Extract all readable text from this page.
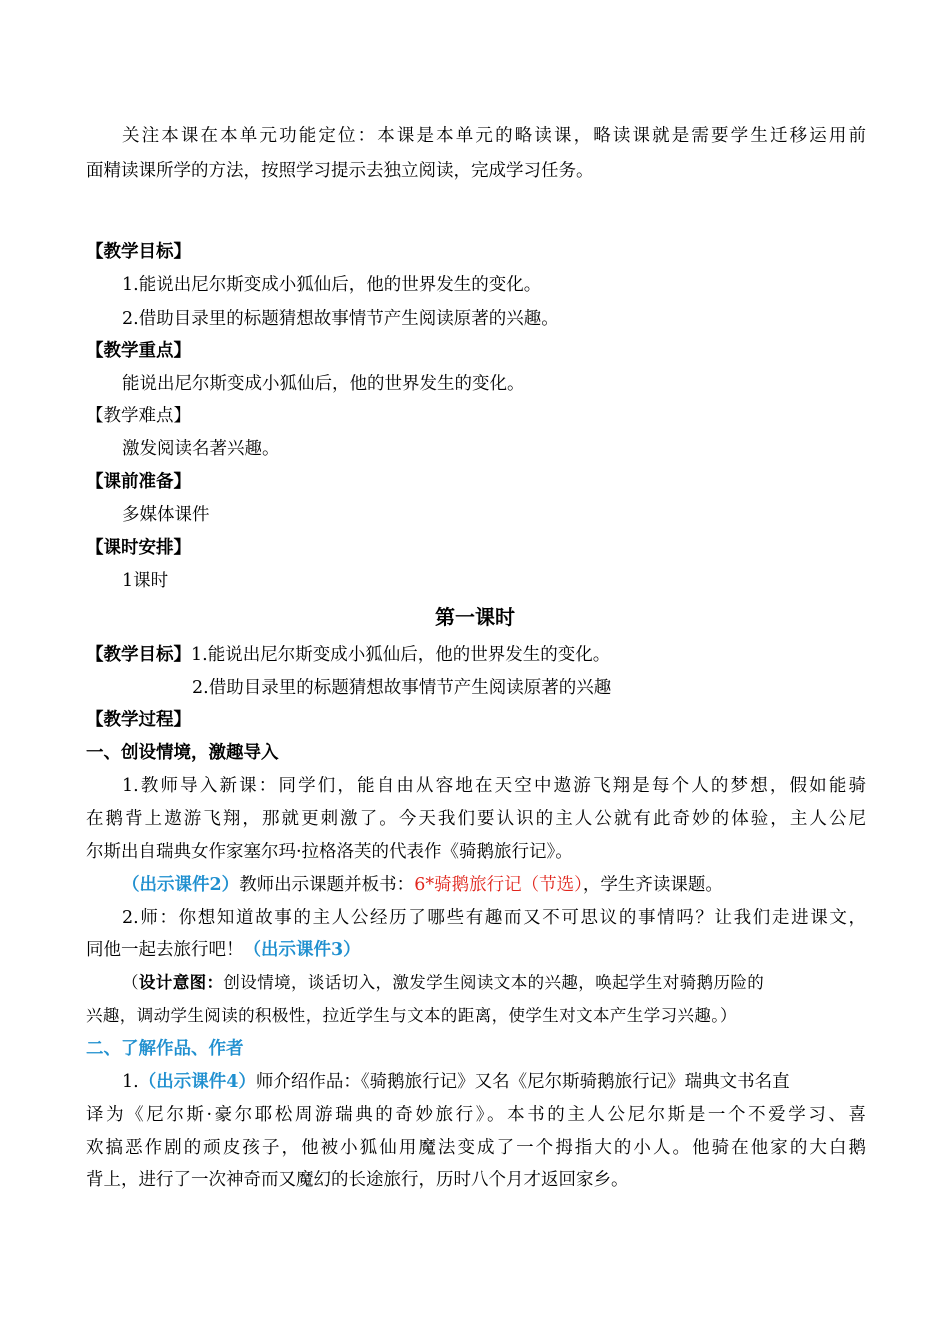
关注本课在本单元功能定位：本课是本单元的略读课，略读课就是需要学生迁移运用前
面精读课所学的方法，按照学习提示去独立阅读，完成学习任务。
【教学目标】
1.能说出尼尔斯变成小狐仙后，他的世界发生的变化。
2.借助目录里的标题猜想故事情节产生阅读原著的兴趣。
【教学重点】
能说出尼尔斯变成小狐仙后，他的世界发生的变化。
【教学难点】
激发阅读名著兴趣。
【课前准备】
多媒体课件
【课时安排】
1课时
第一课时
【教学目标】1.能说出尼尔斯变成小狐仙后，他的世界发生的变化。
2.借助目录里的标题猜想故事情节产生阅读原著的兴趣
【教学过程】
一、创设情境，激趣导入
1.教师导入新课：同学们，能自由从容地在天空中遨游飞翔是每个人的梦想，假如能骑
在鹅背上遨游飞翔，那就更刺激了。今天我们要认识的主人公就有此奇妙的体验，主人公尼
尔斯出自瑞典女作家塞尔玛·拉格洛芙的代表作《骑鹅旅行记》。
（出示课件2）教师出示课题并板书：6*骑鹅旅行记（节选），学生齐读课题。
2.师：你想知道故事的主人公经历了哪些有趣而又不可思议的事情吗？让我们走进课文，
同他一起去旅行吧！（出示课件3）
（设计意图：创设情境，谈话切入，激发学生阅读文本的兴趣，唤起学生对骑鹅历险的
兴趣，调动学生阅读的积极性，拉近学生与文本的距离，使学生对文本产生学习兴趣。）
二、了解作品、作者
1.（出示课件4）师介绍作品：《骑鹅旅行记》又名《尼尔斯骑鹅旅行记》瑞典文书名直
译为《尼尔斯·豪尔耶松周游瑞典的奇妙旅行》。本书的主人公尼尔斯是一个不爱学习、喜
欢搞恶作剧的顽皮孩子，他被小狐仙用魔法变成了一个拇指大的小人。他骑在他家的大白鹅
背上，进行了一次神奇而又魔幻的长途旅行，历时八个月才返回家乡。
